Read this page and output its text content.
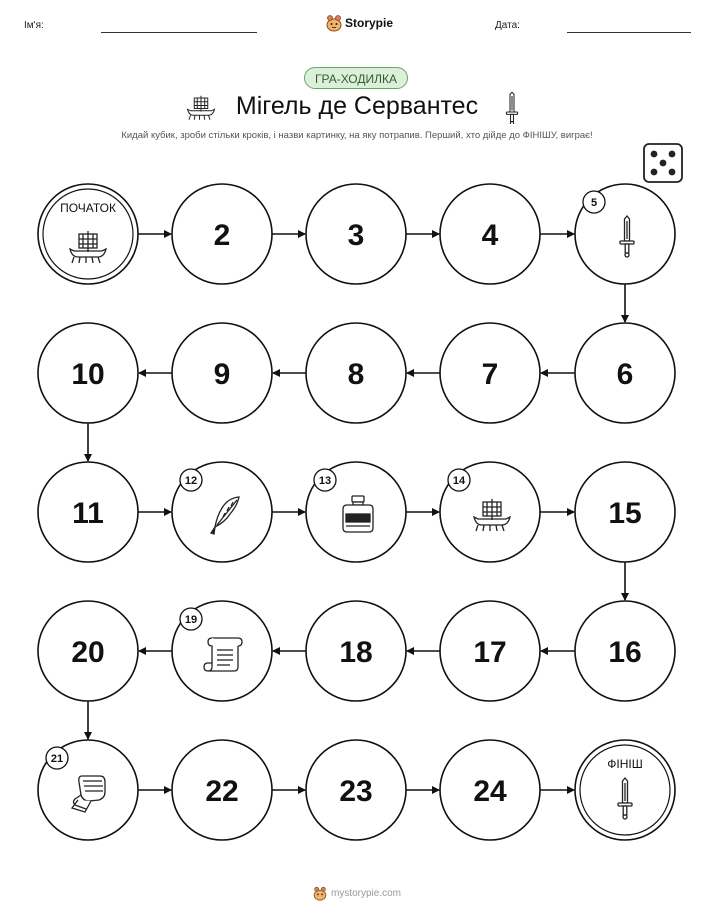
Ім'я:	Storypie	Дата:
ГРА-ХОДИЛКА
Мігель де Сервантес
Кидай кубик, зроби стільки кроків, і назви картинку, на яку потрапив. Перший, хто дійде до ФІНІШУ, виграє!
ПОЧАТОК
2	3	4
5
6
7
8
9
10
11
12	13	14
15
16
17
18
19
20
21
22	23	24
ФІНІШ
mystorypie.com
